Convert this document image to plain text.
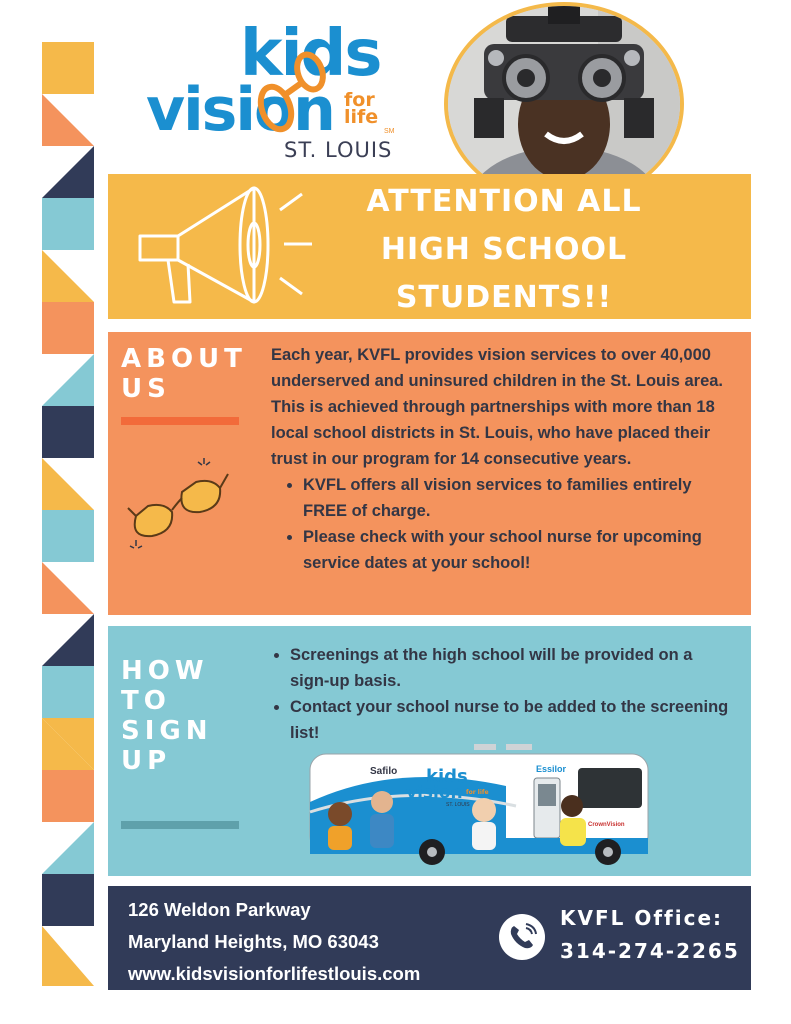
kids
vision for
life
SM
ST. LOUIS
ATTENTION ALL
HIGH SCHOOL
STUDENTS!!
ABOUT
US
Each year, KVFL provides vision services to over 40,000 underserved and uninsured children in the St. Louis area. This is achieved through partnerships with more than 18 local school districts in St. Louis, who have placed their trust in our program for 14 consecutive years.
• KVFL offers all vision services to families entirely FREE of charge.
• Please check with your school nurse for upcoming service dates at your school!
HOW
TO
SIGN
UP
• Screenings at the high school will be provided on a sign-up basis.
• Contact your school nurse to be added to the screening list!
Safilo kids
vision for life
ST. LOUIS
Essilor
CrownVision
126 Weldon Parkway
Maryland Heights, MO 63043
www.kidsvisionforlifestlouis.com
KVFL Office:
314-274-2265
